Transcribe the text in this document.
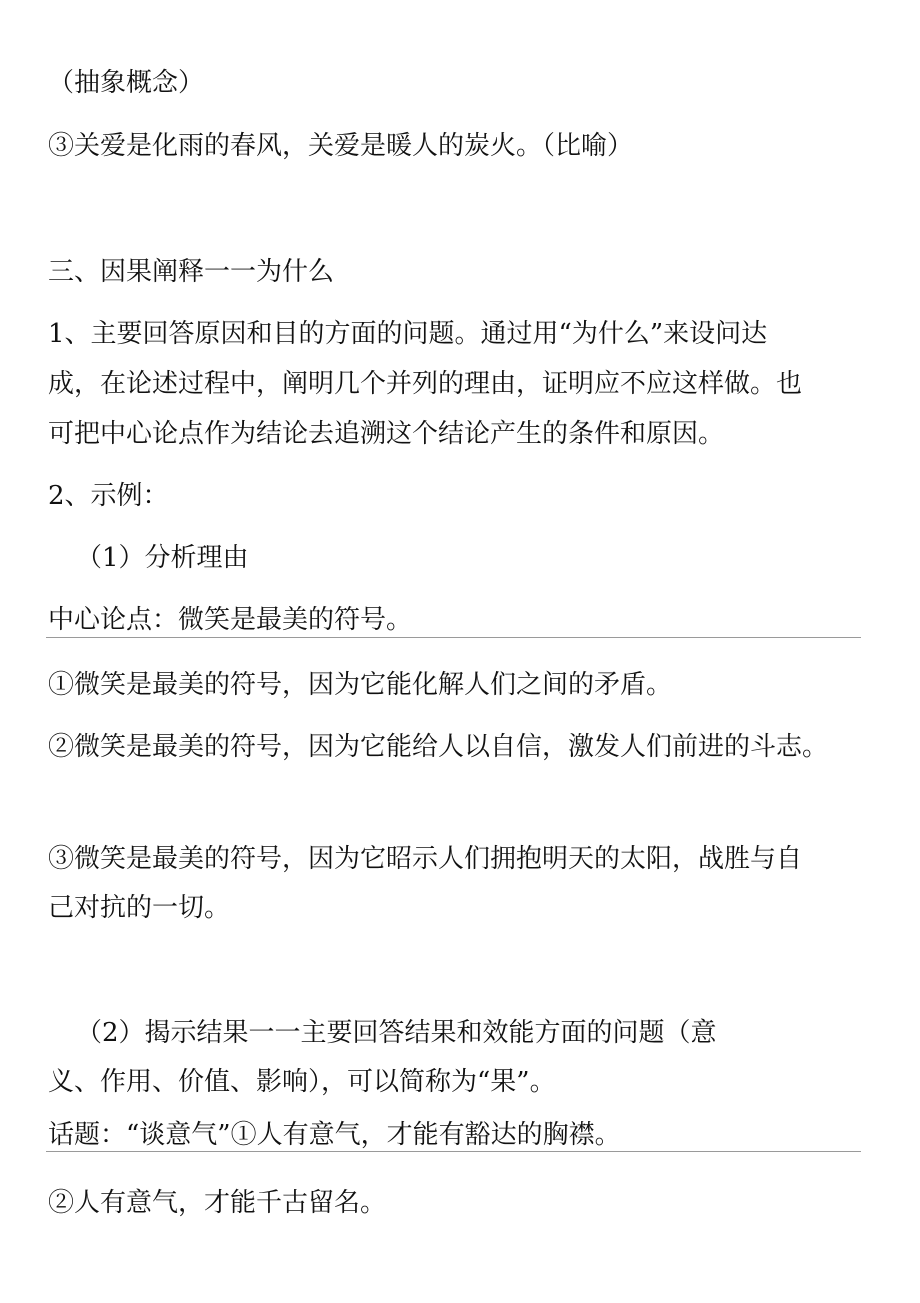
（抽象概念）
③关爱是化雨的春风，关爱是暖人的炭火。（比喻）
三、因果阐释一一为什么
1、主要回答原因和目的方面的问题。通过用“为什么”来设问达
成，在论述过程中，阐明几个并列的理由，证明应不应这样做。也
可把中心论点作为结论去追溯这个结论产生的条件和原因。
2、示例：
（1）分析理由
中心论点：微笑是最美的符号。
①微笑是最美的符号，因为它能化解人们之间的矛盾。
②微笑是最美的符号，因为它能给人以自信，激发人们前进的斗志。
③微笑是最美的符号，因为它昭示人们拥抱明天的太阳，战胜与自
己对抗的一切。
（2）揭示结果一一主要回答结果和效能方面的问题（意
义、作用、价值、影响），可以简称为“果”。
话题：“谈意气”①人有意气，才能有豁达的胸襟。
②人有意气，才能千古留名。
